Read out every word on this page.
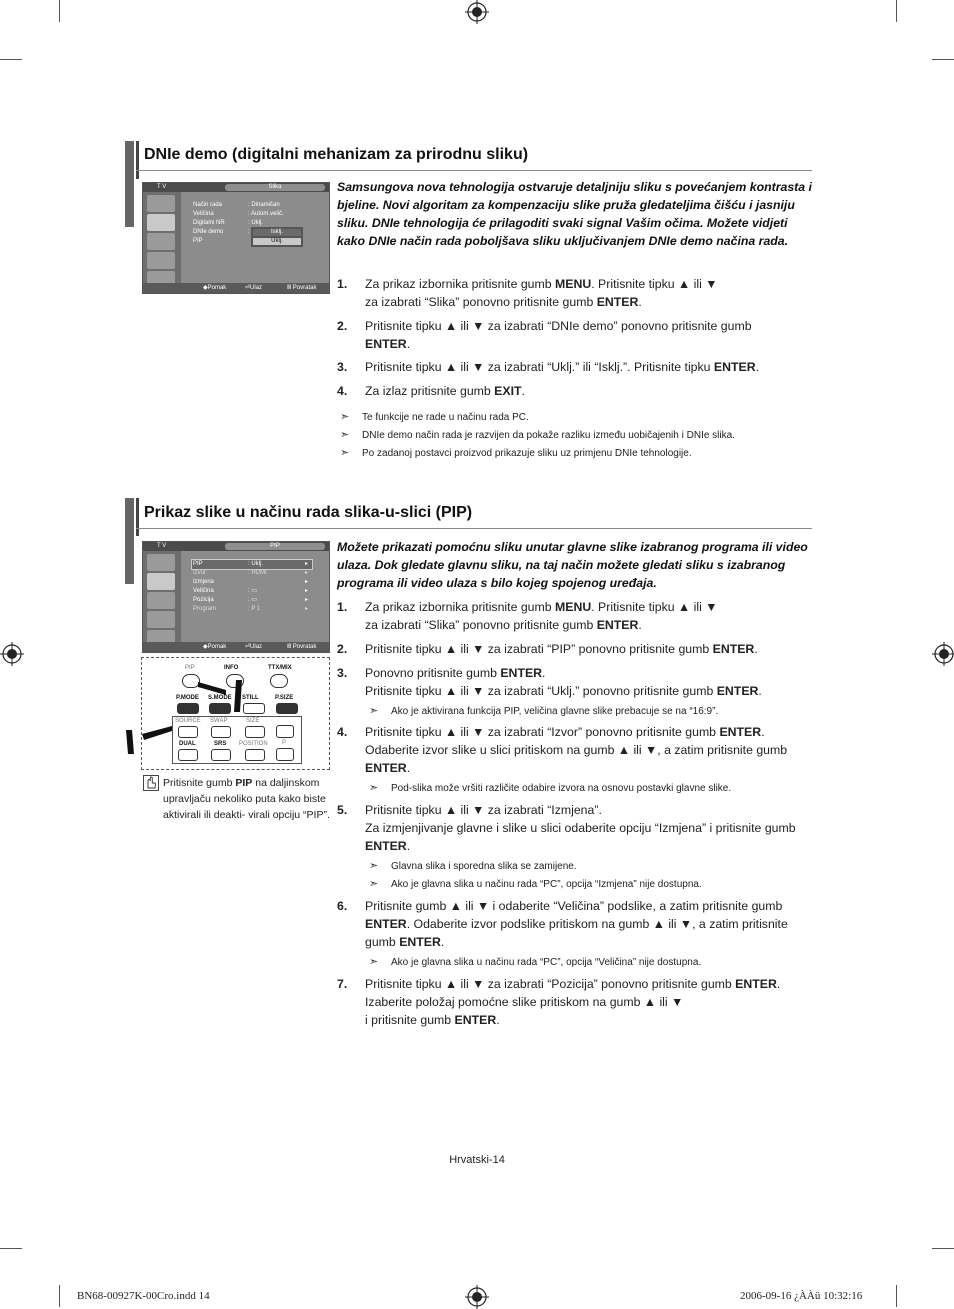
DNIe demo (digitalni mehanizam za prirodnu sliku)
T V	Slika
Način rada	: Dinamičan
Veličina	: Autom.velič.
Digitalni NR	: Uklj.
DNIe demo	:
PIP
Isklj.
Uklj.
◆Pomak	⏎Ulaz	Ⅲ Povratak
Samsungova nova tehnologija ostvaruje detaljniju sliku s povećanjem kontrasta i bjeline. Novi algoritam za kompenzaciju slike pruža gledateljima čišću i jasniju sliku. DNIe tehnologija će prilagoditi svaki signal Vašim očima. Možete vidjeti kako DNIe način rada poboljšava sliku uključivanjem DNIe demo načina rada.
1. Za prikaz izbornika pritisnite gumb MENU. Pritisnite tipku ▲ ili ▼
za izabrati “Slika” ponovno pritisnite gumb ENTER.
2. Pritisnite tipku ▲ ili ▼ za izabrati “DNIe demo” ponovno pritisnite gumb
ENTER.
3. Pritisnite tipku ▲ ili ▼ za izabrati “Uklj.” ili “Isklj.”. Pritisnite tipku ENTER.
4. Za izlaz pritisnite gumb EXIT.
➣ Te funkcije ne rade u načinu rada PC.
➣ DNIe demo način rada je razvijen da pokaže razliku između uobičajenih i DNIe slika.
➣ Po zadanoj postavci proizvod prikazuje sliku uz primjenu DNIe tehnologije.
Prikaz slike u načinu rada slika-u-slici (PIP)
T V	PIP
PIP	: Uklj.	▸
Izvor	: HDMI	▸
Izmjena	▸
Veličina	: ▭	▸
Pozicija	: ▭	▸
Program	: P 1	▸
◆Pomak	⏎Ulaz	Ⅲ Povratak
PIP	INFO	TTX/MIX
P.MODE S.MODE STILL	P.SIZE
SOURCE SWAP	SIZE
DUAL	SRS POSITION P
Pritisnite gumb PIP na daljinskom upravljaču nekoliko puta kako biste aktivirali ili deakti- virali opciju “PIP”.
Možete prikazati pomoćnu sliku unutar glavne slike izabranog programa ili video ulaza. Dok gledate glavnu sliku, na taj način možete gledati sliku s izabranog programa ili video ulaza s bilo kojeg spojenog uređaja.
1. Za prikaz izbornika pritisnite gumb MENU. Pritisnite tipku ▲ ili ▼
za izabrati “Slika” ponovno pritisnite gumb ENTER.
2. Pritisnite tipku ▲ ili ▼ za izabrati “PIP” ponovno pritisnite gumb ENTER.
3. Ponovno pritisnite gumb ENTER.
Pritisnite tipku ▲ ili ▼ za izabrati “Uklj.” ponovno pritisnite gumb ENTER.
4. Pritisnite tipku ▲ ili ▼ za izabrati “Izvor” ponovno pritisnite gumb ENTER.
Odaberite izvor slike u slici pritiskom na gumb ▲ ili ▼, a zatim pritisnite gumb
ENTER.
5. Pritisnite tipku ▲ ili ▼ za izabrati “Izmjena”.
Za izmjenjivanje glavne i slike u slici odaberite opciju “Izmjena” i pritisnite gumb
ENTER.
6. Pritisnite gumb ▲ ili ▼ i odaberite “Veličina” podslike, a zatim pritisnite gumb
ENTER. Odaberite izvor podslike pritiskom na gumb ▲ ili ▼, a zatim pritisnite
gumb ENTER.
7. Pritisnite tipku ▲ ili ▼ za izabrati “Pozicija” ponovno pritisnite gumb ENTER.
Izaberite položaj pomoćne slike pritiskom na gumb ▲ ili ▼
i pritisnite gumb ENTER.
➣ Ako je aktivirana funkcija PIP, veličina glavne slike prebacuje se na “16:9”.
➣ Pod-slika može vršiti različite odabire izvora na osnovu postavki glavne slike.
➣ Glavna slika i sporedna slika se zamijene.
➣ Ako je glavna slika u načinu rada “PC”, opcija “Izmjena” nije dostupna.
➣ Ako je glavna slika u načinu rada “PC”, opcija “Veličina” nije dostupna.
Hrvatski-14
BN68-00927K-00Cro.indd 14	2006-09-16 ¿ÀÀü 10:32:16
